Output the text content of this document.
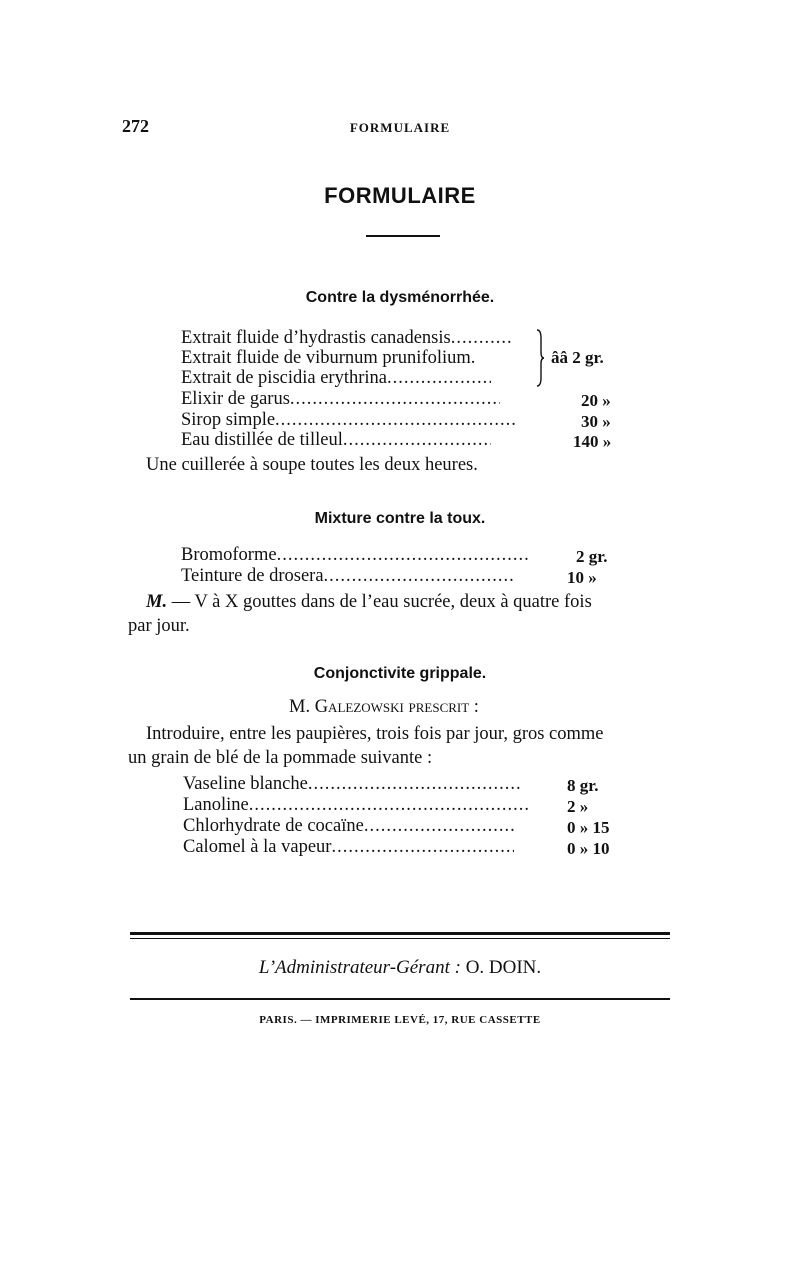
272	FORMULAIRE
FORMULAIRE
Contre la dysménorrhée.
Extrait fluide d’hydrastis canadensis.....
Extrait fluide de viburnum prunifolium.
Extrait de piscidia erythrina.....
ââ 2 gr.
Elixir de garus .....	20 »
Sirop simple .....	30 »
Eau distillée de tilleul .....	140 »
Une cuillerée à soupe toutes les deux heures.
Mixture contre la toux.
Bromoforme .....	2 gr.
Teinture de drosera .....	10 »
M. — V à X gouttes dans de l’eau sucrée, deux à quatre fois
par jour.
Conjonctivite grippale.
M. Galezowski prescrit :
Introduire, entre les paupières, trois fois par jour, gros comme
un grain de blé de la pommade suivante :
Vaseline blanche .....	8 gr.
Lanoline .....	2 »
Chlorhydrate de cocaïne .....	0 » 15
Calomel à la vapeur .....	0 » 10
L’Administrateur-Gérant : O. DOIN.
PARIS. — IMPRIMERIE LEVÉ, 17, RUE CASSETTE
